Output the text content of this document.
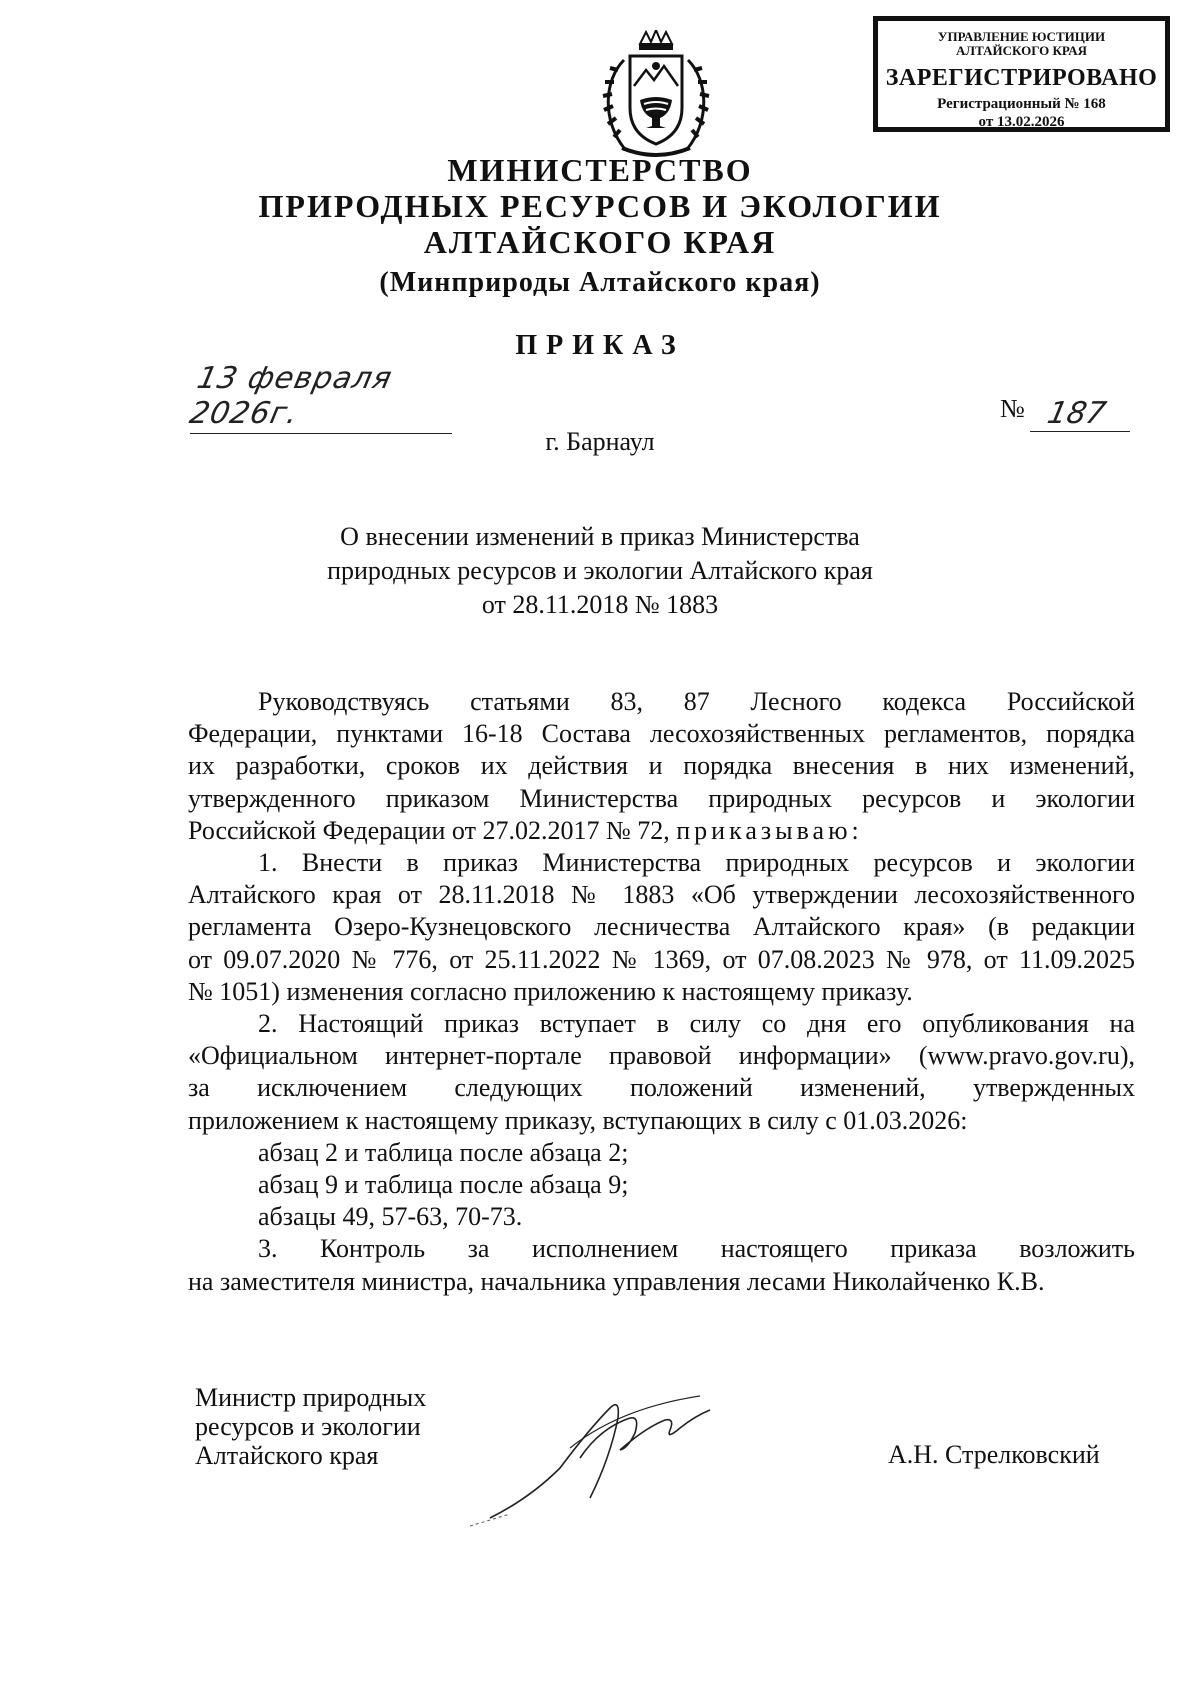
УПРАВЛЕНИЕ ЮСТИЦИИ
АЛТАЙСКОГО КРАЯ
ЗАРЕГИСТРИРОВАНО
Регистрационный № 168
от 13.02.2026
МИНИСТЕРСТВО
ПРИРОДНЫХ РЕСУРСОВ И ЭКОЛОГИИ
АЛТАЙСКОГО КРАЯ
(Минприроды Алтайского края)
ПРИКАЗ
13 февраля 2026г.	№ 187
г. Барнаул
О внесении изменений в приказ Министерства
природных ресурсов и экологии Алтайского края
от 28.11.2018 № 1883

Руководствуясь статьями 83, 87 Лесного кодекса Российской

Федерации, пунктами 16-18 Состава лесохозяйственных регламентов, порядка

их разработки, сроков их действия и порядка внесения в них изменений,

утвержденного приказом Министерства природных ресурсов и экологии

Российской Федерации от 27.02.2017 № 72, приказываю:

1. Внести в приказ Министерства природных ресурсов и экологии

Алтайского края от 28.11.2018 № 1883 «Об утверждении лесохозяйственного

регламента Озеро-Кузнецовского лесничества Алтайского края» (в редакции

от 09.07.2020 № 776, от 25.11.2022 № 1369, от 07.08.2023 № 978, от 11.09.2025

№ 1051) изменения согласно приложению к настоящему приказу.

2. Настоящий приказ вступает в силу со дня его опубликования на

«Официальном интернет-портале правовой информации» (www.pravo.gov.ru),

за исключением следующих положений изменений, утвержденных

приложением к настоящему приказу, вступающих в силу с 01.03.2026:

абзац 2 и таблица после абзаца 2;

абзац 9 и таблица после абзаца 9;

абзацы 49, 57-63, 70-73.

3. Контроль за исполнением настоящего приказа возложить

на заместителя министра, начальника управления лесами Николайченко К.В.

Министр природных
ресурсов и экологии
Алтайского края	А.Н. Стрелковский
